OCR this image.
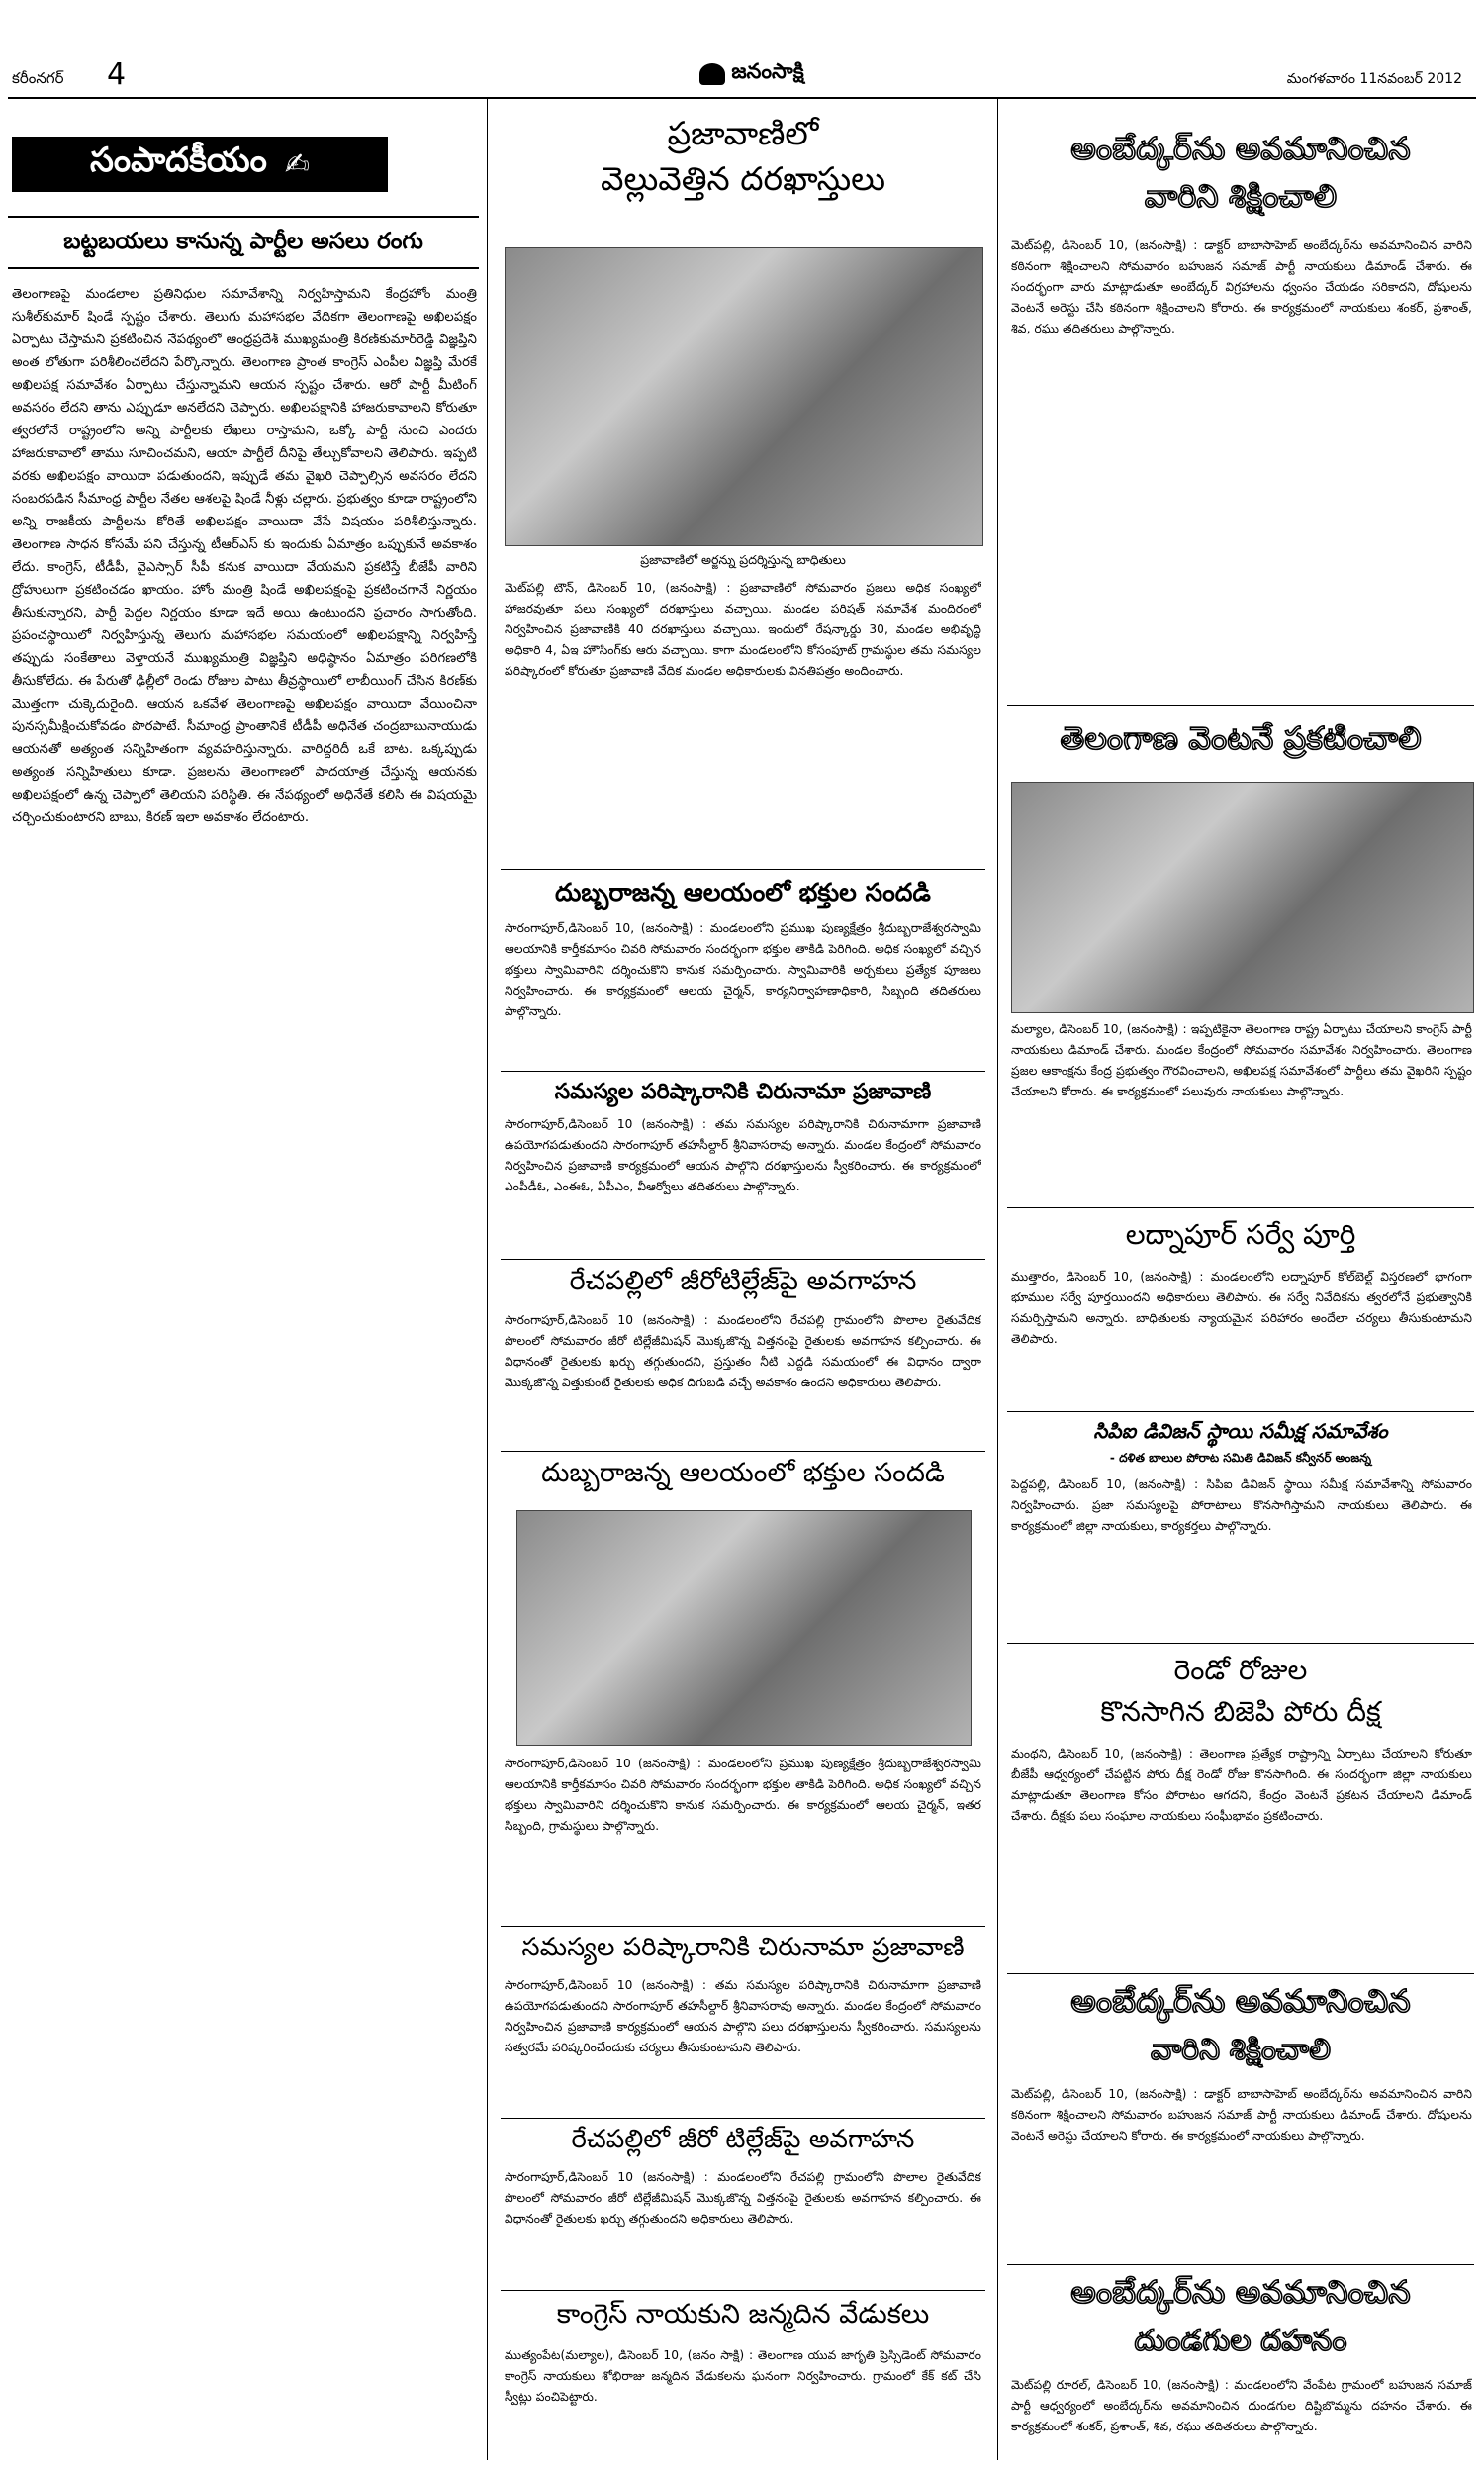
కరీంనగర్ 4	జనంసాక్షి	మంగళవారం 11నవంబర్ 2012
సంపాదకీయం ✍
బట్టబయలు కానున్న పార్టీల అసలు రంగు

తెలంగాణపై మండలాల ప్రతినిధుల సమావేశాన్ని నిర్వహిస్తామని కేంద్రహోం మంత్రి సుశీల్‌కుమార్ షిండే స్పష్టం చేశారు. తెలుగు మహాసభల వేదికగా తెలంగాణపై అఖిలపక్షం ఏర్పాటు చేస్తామని ప్రకటించిన నేపథ్యంలో ఆంధ్రప్రదేశ్ ముఖ్యమంత్రి కిరణ్‌కుమార్‌రెడ్డి విజ్ఞప్తిని అంత లోతుగా పరిశీలించలేదని పేర్కొన్నారు. తెలంగాణ ప్రాంత కాంగ్రెస్ ఎంపీల విజ్ఞప్తి మేరకే అఖిలపక్ష సమావేశం ఏర్పాటు చేస్తున్నామని ఆయన స్పష్టం చేశారు. ఆరో పార్టీ మీటింగ్ అవసరం లేదని తాను ఎప్పుడూ అనలేదని చెప్పారు. అఖిలపక్షానికి హాజరుకావాలని కోరుతూ త్వరలోనే రాష్ట్రంలోని అన్ని పార్టీలకు లేఖలు రాస్తామని, ఒక్కో పార్టీ నుంచి ఎందరు హాజరుకావాలో తాము సూచించమని, ఆయా పార్టీలే దీనిపై తేల్చుకోవాలని తెలిపారు. ఇప్పటి వరకు అఖిలపక్షం వాయిదా పడుతుందని, ఇప్పుడే తమ వైఖరి చెప్పాల్సిన అవసరం లేదని సంబరపడిన సీమాంధ్ర పార్టీల నేతల ఆశలపై షిండే నీళ్లు చల్లారు. ప్రభుత్వం కూడా రాష్ట్రంలోని అన్ని రాజకీయ పార్టీలను కోరితే అఖిలపక్షం వాయిదా వేసే విషయం పరిశీలిస్తున్నారు. తెలంగాణ సాధన కోసమే పని చేస్తున్న టీఆర్ఎస్ కు ఇందుకు ఏమాత్రం ఒప్పుకునే అవకాశం లేదు. కాంగ్రెస్, టీడీపీ, వైఎస్సార్ సీపీ కనుక వాయిదా వేయమని ప్రకటిస్తే బీజేపీ వారిని ద్రోహులుగా ప్రకటించడం ఖాయం. హోం మంత్రి షిండే అఖిలపక్షంపై ప్రకటించగానే నిర్ణయం తీసుకున్నారని, పార్టీ పెద్దల నిర్ణయం కూడా ఇదే అయి ఉంటుందని ప్రచారం సాగుతోంది. ప్రపంచస్థాయిలో నిర్వహిస్తున్న తెలుగు మహాసభల సమయంలో అఖిలపక్షాన్ని నిర్వహిస్తే తప్పుడు సంకేతాలు వెళ్తాయనే ముఖ్యమంత్రి విజ్ఞప్తిని అధిష్ఠానం ఏమాత్రం పరిగణలోకి తీసుకోలేదు. ఈ పేరుతో ఢిల్లీలో రెండు రోజుల పాటు తీవ్రస్థాయిలో లాబీయింగ్ చేసిన కిరణ్‌కు మొత్తంగా చుక్కెదురైంది. ఆయన ఒకవేళ తెలంగాణపై అఖిలపక్షం వాయిదా వేయించినా పునస్సమీక్షించుకోవడం పొరపాటే. సీమాంధ్ర ప్రాంతానికే టీడీపీ అధినేత చంద్రబాబునాయుడు ఆయనతో అత్యంత సన్నిహితంగా వ్యవహరిస్తున్నారు. వారిద్దరిదీ ఒకే బాట. ఒక్కప్పుడు అత్యంత సన్నిహితులు కూడా. ప్రజలను తెలంగాణలో పాదయాత్ర చేస్తున్న ఆయనకు అఖిలపక్షంలో ఉన్న చెప్పాలో తెలియని పరిస్థితి. ఈ నేపథ్యంలో అధినేతే కలిసి ఈ విషయమై చర్చించుకుంటారని బాబు, కిరణ్ ఇలా అవకాశం లేదంటారు.

ప్రజావాణిలో
వెల్లువెత్తిన దరఖాస్తులు

ప్రజావాణిలో అర్జన్ను ప్రదర్శిస్తున్న బాధితులు

మెట్‌పల్లి టౌన్, డిసెంబర్ 10, (జనంసాక్షి) : ప్రజావాణిలో సోమవారం ప్రజలు అధిక సంఖ్యలో హాజరవుతూ పలు సంఖ్యలో దరఖాస్తులు వచ్చాయి. మండల పరిషత్ సమావేశ మందిరంలో నిర్వహించిన ప్రజావాణికి 40 దరఖాస్తులు వచ్చాయి. ఇందులో రేషన్కార్డు 30, మండల అభివృద్ధి అధికారి 4, ఏఇ హౌసింగ్‌కు ఆరు వచ్చాయి. కాగా మండలంలోని కోసంపూట్ గ్రామస్థుల తమ సమస్యల పరిష్కారంలో కోరుతూ ప్రజావాణి వేదిక మండల అధికారులకు వినతిపత్రం అందించారు.

దుబ్బరాజన్న ఆలయంలో భక్తుల సందడి

సారంగాపూర్,డిసెంబర్ 10, (జనంసాక్షి) : మండలంలోని ప్రముఖ పుణ్యక్షేత్రం శ్రీదుబ్బరాజేశ్వరస్వామి ఆలయానికి కార్తీకమాసం చివరి సోమవారం సందర్భంగా భక్తుల తాకిడి పెరిగింది. అధిక సంఖ్యలో వచ్చిన భక్తులు స్వామివారిని దర్శించుకొని కానుక సమర్పించారు. స్వామివారికి అర్చకులు ప్రత్యేక పూజలు నిర్వహించారు. ఈ కార్యక్రమంలో ఆలయ చైర్మన్, కార్యనిర్వాహణాధికారి, సిబ్బంది తదితరులు పాల్గొన్నారు.

సమస్యల పరిష్కారానికి చిరునామా ప్రజావాణి

సారంగాపూర్,డిసెంబర్ 10 (జనంసాక్షి) : తమ సమస్యల పరిష్కారానికి చిరునామాగా ప్రజావాణి ఉపయోగపడుతుందని సారంగాపూర్ తహసీల్దార్ శ్రీనివాసరావు అన్నారు. మండల కేంద్రంలో సోమవారం నిర్వహించిన ప్రజావాణి కార్యక్రమంలో ఆయన పాల్గొని దరఖాస్తులను స్వీకరించారు. ఈ కార్యక్రమంలో ఎంపీడీఓ, ఎంఈఓ, ఏపీఎం, వీఆర్వోలు తదితరులు పాల్గొన్నారు.

రేచపల్లిలో జీరోటిల్లేజ్‌పై అవగాహన

సారంగాపూర్,డిసెంబర్ 10 (జనంసాక్షి) : మండలంలోని రేచపల్లి గ్రామంలోని పొలాల రైతువేదిక పొలంలో సోమవారం జీరో టిల్లేజీమిషన్ మొక్కజొన్న విత్తనంపై రైతులకు అవగాహన కల్పించారు. ఈ విధానంతో రైతులకు ఖర్చు తగ్గుతుందని, ప్రస్తుతం నీటి ఎద్దడి సమయంలో ఈ విధానం ద్వారా మొక్కజొన్న విత్తుకుంటే రైతులకు అధిక దిగుబడి వచ్చే అవకాశం ఉందని అధికారులు తెలిపారు.

దుబ్బరాజన్న ఆలయంలో భక్తుల సందడి

సారంగాపూర్,డిసెంబర్ 10 (జనంసాక్షి) : మండలంలోని ప్రముఖ పుణ్యక్షేత్రం శ్రీదుబ్బరాజేశ్వరస్వామి ఆలయానికి కార్తీకమాసం చివరి సోమవారం సందర్భంగా భక్తుల తాకిడి పెరిగింది. అధిక సంఖ్యలో వచ్చిన భక్తులు స్వామివారిని దర్శించుకొని కానుక సమర్పించారు. ఈ కార్యక్రమంలో ఆలయ చైర్మన్, ఇతర సిబ్బంది, గ్రామస్థులు పాల్గొన్నారు.

సమస్యల పరిష్కారానికి చిరునామా ప్రజావాణి

సారంగాపూర్,డిసెంబర్ 10 (జనంసాక్షి) : తమ సమస్యల పరిష్కారానికి చిరునామాగా ప్రజావాణి ఉపయోగపడుతుందని సారంగాపూర్ తహసీల్దార్ శ్రీనివాసరావు అన్నారు. మండల కేంద్రంలో సోమవారం నిర్వహించిన ప్రజావాణి కార్యక్రమంలో ఆయన పాల్గొని పలు దరఖాస్తులను స్వీకరించారు. సమస్యలను సత్వరమే పరిష్కరించేందుకు చర్యలు తీసుకుంటామని తెలిపారు.

రేచపల్లిలో జీరో టిల్లేజ్‌పై అవగాహన

సారంగాపూర్,డిసెంబర్ 10 (జనంసాక్షి) : మండలంలోని రేచపల్లి గ్రామంలోని పొలాల రైతువేదిక పొలంలో సోమవారం జీరో టిల్లేజీమిషన్ మొక్కజొన్న విత్తనంపై రైతులకు అవగాహన కల్పించారు. ఈ విధానంతో రైతులకు ఖర్చు తగ్గుతుందని అధికారులు తెలిపారు.

కాంగ్రెస్ నాయకుని జన్మదిన వేడుకలు

ముత్యంపేట(మల్యాల), డిసెంబర్ 10, (జనం సాక్షి) : తెలంగాణ యువ జాగృతి ప్రెస్సిడెంట్ సోమవారం కాంగ్రెస్ నాయకులు శోభిరాజు జన్మదిన వేడుకలను ఘనంగా నిర్వహించారు. గ్రామంలో కేక్ కట్ చేసి స్వీట్లు పంచిపెట్టారు.

అంబేద్కర్‌ను అవమానించిన
వారిని శిక్షించాలి

మెట్‌పల్లి, డిసెంబర్ 10, (జనంసాక్షి) : డాక్టర్ బాబాసాహెబ్ అంబేద్కర్‌ను అవమానించిన వారిని కఠినంగా శిక్షించాలని సోమవారం బహుజన సమాజ్ పార్టీ నాయకులు డిమాండ్ చేశారు. ఈ సందర్భంగా వారు మాట్లాడుతూ అంబేద్కర్ విగ్రహాలను ధ్వంసం చేయడం సరికాదని, దోషులను వెంటనే అరెస్టు చేసి కఠినంగా శిక్షించాలని కోరారు. ఈ కార్యక్రమంలో నాయకులు శంకర్, ప్రశాంత్, శివ, రఘు తదితరులు పాల్గొన్నారు.

తెలంగాణ వెంటనే ప్రకటించాలి

మల్యాల, డిసెంబర్ 10, (జనంసాక్షి) : ఇప్పటికైనా తెలంగాణ రాష్ట్ర ఏర్పాటు చేయాలని కాంగ్రెస్ పార్టీ నాయకులు డిమాండ్ చేశారు. మండల కేంద్రంలో సోమవారం సమావేశం నిర్వహించారు. తెలంగాణ ప్రజల ఆకాంక్షను కేంద్ర ప్రభుత్వం గౌరవించాలని, అఖిలపక్ష సమావేశంలో పార్టీలు తమ వైఖరిని స్పష్టం చేయాలని కోరారు. ఈ కార్యక్రమంలో పలువురు నాయకులు పాల్గొన్నారు.

లద్నాపూర్ సర్వే పూర్తి

ముత్తారం, డిసెంబర్ 10, (జనంసాక్షి) : మండలంలోని లద్నాపూర్ కోల్‌బెల్ట్ విస్తరణలో భాగంగా భూముల సర్వే పూర్తయిందని అధికారులు తెలిపారు. ఈ సర్వే నివేదికను త్వరలోనే ప్రభుత్వానికి సమర్పిస్తామని అన్నారు. బాధితులకు న్యాయమైన పరిహారం అందేలా చర్యలు తీసుకుంటామని తెలిపారు.

సిపిఐ డివిజన్ స్థాయి సమీక్ష సమావేశం

- దళిత బాలుల పోరాట సమితి డివిజన్ కన్వీనర్ అంజన్న

పెద్దపల్లి, డిసెంబర్ 10, (జనంసాక్షి) : సిపిఐ డివిజన్ స్థాయి సమీక్ష సమావేశాన్ని సోమవారం నిర్వహించారు. ప్రజా సమస్యలపై పోరాటాలు కొనసాగిస్తామని నాయకులు తెలిపారు. ఈ కార్యక్రమంలో జిల్లా నాయకులు, కార్యకర్తలు పాల్గొన్నారు.

రెండో రోజుల
కొనసాగిన బిజెపి పోరు దీక్ష

మంథని, డిసెంబర్ 10, (జనంసాక్షి) : తెలంగాణ ప్రత్యేక రాష్ట్రాన్ని ఏర్పాటు చేయాలని కోరుతూ బీజేపీ ఆధ్వర్యంలో చేపట్టిన పోరు దీక్ష రెండో రోజు కొనసాగింది. ఈ సందర్భంగా జిల్లా నాయకులు మాట్లాడుతూ తెలంగాణ కోసం పోరాటం ఆగదని, కేంద్రం వెంటనే ప్రకటన చేయాలని డిమాండ్ చేశారు. దీక్షకు పలు సంఘాల నాయకులు సంఘీభావం ప్రకటించారు.

అంబేద్కర్‌ను అవమానించిన
వారిని శిక్షించాలి

మెట్‌పల్లి, డిసెంబర్ 10, (జనంసాక్షి) : డాక్టర్ బాబాసాహెబ్ అంబేద్కర్‌ను అవమానించిన వారిని కఠినంగా శిక్షించాలని సోమవారం బహుజన సమాజ్ పార్టీ నాయకులు డిమాండ్ చేశారు. దోషులను వెంటనే అరెస్టు చేయాలని కోరారు. ఈ కార్యక్రమంలో నాయకులు పాల్గొన్నారు.

అంబేద్కర్‌ను అవమానించిన
దుండగుల దహనం

మెట్‌పల్లి రూరల్, డిసెంబర్ 10, (జనంసాక్షి) : మండలంలోని వేంపేట గ్రామంలో బహుజన సమాజ్ పార్టీ ఆధ్వర్యంలో అంబేద్కర్‌ను అవమానించిన దుండగుల దిష్టిబొమ్మను దహనం చేశారు. ఈ కార్యక్రమంలో శంకర్, ప్రశాంత్, శివ, రఘు తదితరులు పాల్గొన్నారు.
